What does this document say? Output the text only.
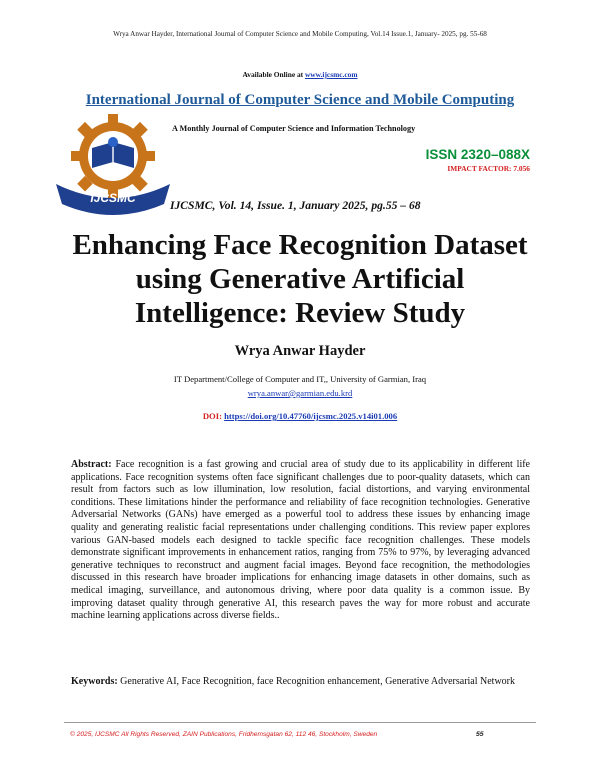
Wrya Anwar Hayder, International Journal of Computer Science and Mobile Computing, Vol.14 Issue.1, January- 2025, pg. 55-68
Available Online at www.ijcsmc.com
International Journal of Computer Science and Mobile Computing
IJCSMC
A Monthly Journal of Computer Science and Information Technology
ISSN 2320–088X
IMPACT FACTOR: 7.056
IJCSMC, Vol. 14, Issue. 1, January 2025, pg.55 – 68
Enhancing Face Recognition Dataset using Generative Artificial Intelligence: Review Study
Wrya Anwar Hayder
IT Department/College of Computer and IT,, University of Garmian, Iraq
wrya.anwar@garmian.edu.krd
DOI: https://doi.org/10.47760/ijcsmc.2025.v14i01.006
Abstract: Face recognition is a fast growing and crucial area of study due to its applicability in different life applications. Face recognition systems often face significant challenges due to poor-quality datasets, which can result from factors such as low illumination, low resolution, facial distortions, and varying environmental conditions. These limitations hinder the performance and reliability of face recognition technologies. Generative Adversarial Networks (GANs) have emerged as a powerful tool to address these issues by enhancing image quality and generating realistic facial representations under challenging conditions. This review paper explores various GAN-based models each designed to tackle specific face recognition challenges. These models demonstrate significant improvements in enhancement ratios, ranging from 75% to 97%, by leveraging advanced generative techniques to reconstruct and augment facial images. Beyond face recognition, the methodologies discussed in this research have broader implications for enhancing image datasets in other domains, such as medical imaging, surveillance, and autonomous driving, where poor data quality is a common issue. By improving dataset quality through generative AI, this research paves the way for more robust and accurate machine learning applications across diverse fields..
Keywords: Generative AI, Face Recognition, face Recognition enhancement, Generative Adversarial Network
© 2025, IJCSMC All Rights Reserved, ZAIN Publications, Fridhemsgatan 62, 112 46, Stockholm, Sweden	55
